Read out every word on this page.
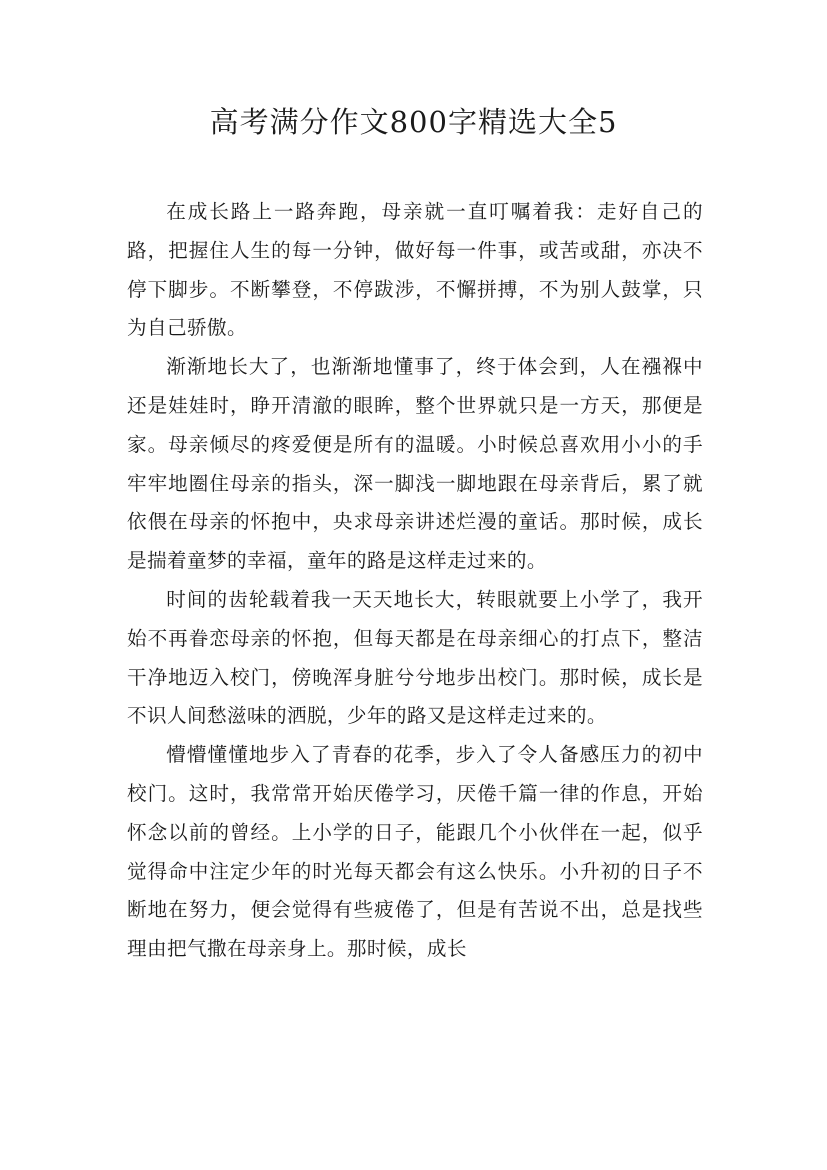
高考满分作文800字精选大全5

在成长路上一路奔跑，母亲就一直叮嘱着我：走好自己的路，把握住人生的每一分钟，做好每一件事，或苦或甜，亦决不停下脚步。不断攀登，不停跋涉，不懈拼搏，不为别人鼓掌，只为自己骄傲。

渐渐地长大了，也渐渐地懂事了，终于体会到，人在襁褓中还是娃娃时，睁开清澈的眼眸，整个世界就只是一方天，那便是家。母亲倾尽的疼爱便是所有的温暖。小时候总喜欢用小小的手牢牢地圈住母亲的指头，深一脚浅一脚地跟在母亲背后，累了就依偎在母亲的怀抱中，央求母亲讲述烂漫的童话。那时候，成长是揣着童梦的幸福，童年的路是这样走过来的。

时间的齿轮载着我一天天地长大，转眼就要上小学了，我开始不再眷恋母亲的怀抱，但每天都是在母亲细心的打点下，整洁干净地迈入校门，傍晚浑身脏兮兮地步出校门。那时候，成长是不识人间愁滋味的洒脱，少年的路又是这样走过来的。

懵懵懂懂地步入了青春的花季，步入了令人备感压力的初中校门。这时，我常常开始厌倦学习，厌倦千篇一律的作息，开始怀念以前的曾经。上小学的日子，能跟几个小伙伴在一起，似乎觉得命中注定少年的时光每天都会有这么快乐。小升初的日子不断地在努力，便会觉得有些疲倦了，但是有苦说不出，总是找些理由把气撒在母亲身上。那时候，成长
